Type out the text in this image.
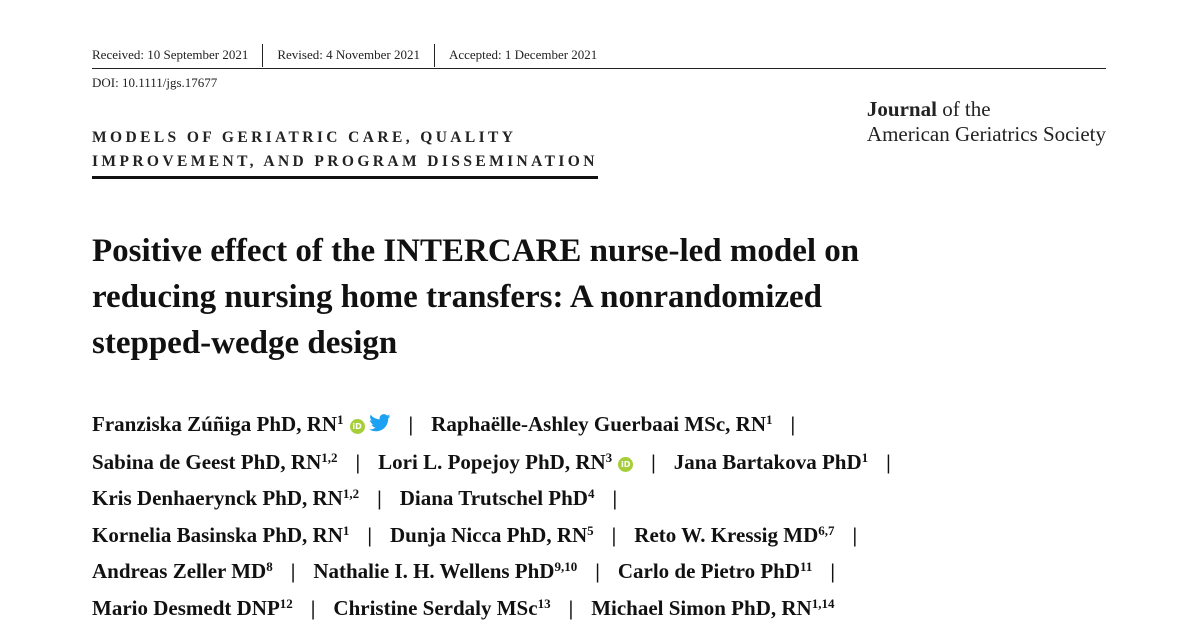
Received: 10 September 2021	Revised: 4 November 2021	Accepted: 1 December 2021
DOI: 10.1111/jgs.17677
Journal of the
American Geriatrics Society
MODELS OF GERIATRIC CARE, QUALITY
IMPROVEMENT, AND PROGRAM DISSEMINATION
Positive effect of the INTERCARE nurse-led model on
reducing nursing home transfers: A nonrandomized
stepped-wedge design
Franziska Zúñiga PhD, $RN^1$ iD | Raphaëlle-Ashley Guerbaai MSc, $RN^1$ |
Sabina de Geest PhD, RN$^{1,2}$ | Lori L. Popejoy PhD, $RN^3$ iD | Jana Bartakova PhD$^1$ |
Kris Denhaerynck PhD, RN$^{1,2}$ | Diana Trutschel PhD$^4$ |
Kornelia Basinska PhD, $RN^1$ | Dunja Nicca PhD, $RN^5$ | Reto W. Kressig MD$^{6,7}$ |
Andreas Zeller $MD^8$ | Nathalie I. H. Wellens PhD$^{9,10}$ | Carlo de Pietro PhD$^{11}$ |
Mario Desmedt DNP$^{12}$ | Christine Serdaly MSc$^{13}$ | Michael Simon PhD, RN$^{1,14}$
